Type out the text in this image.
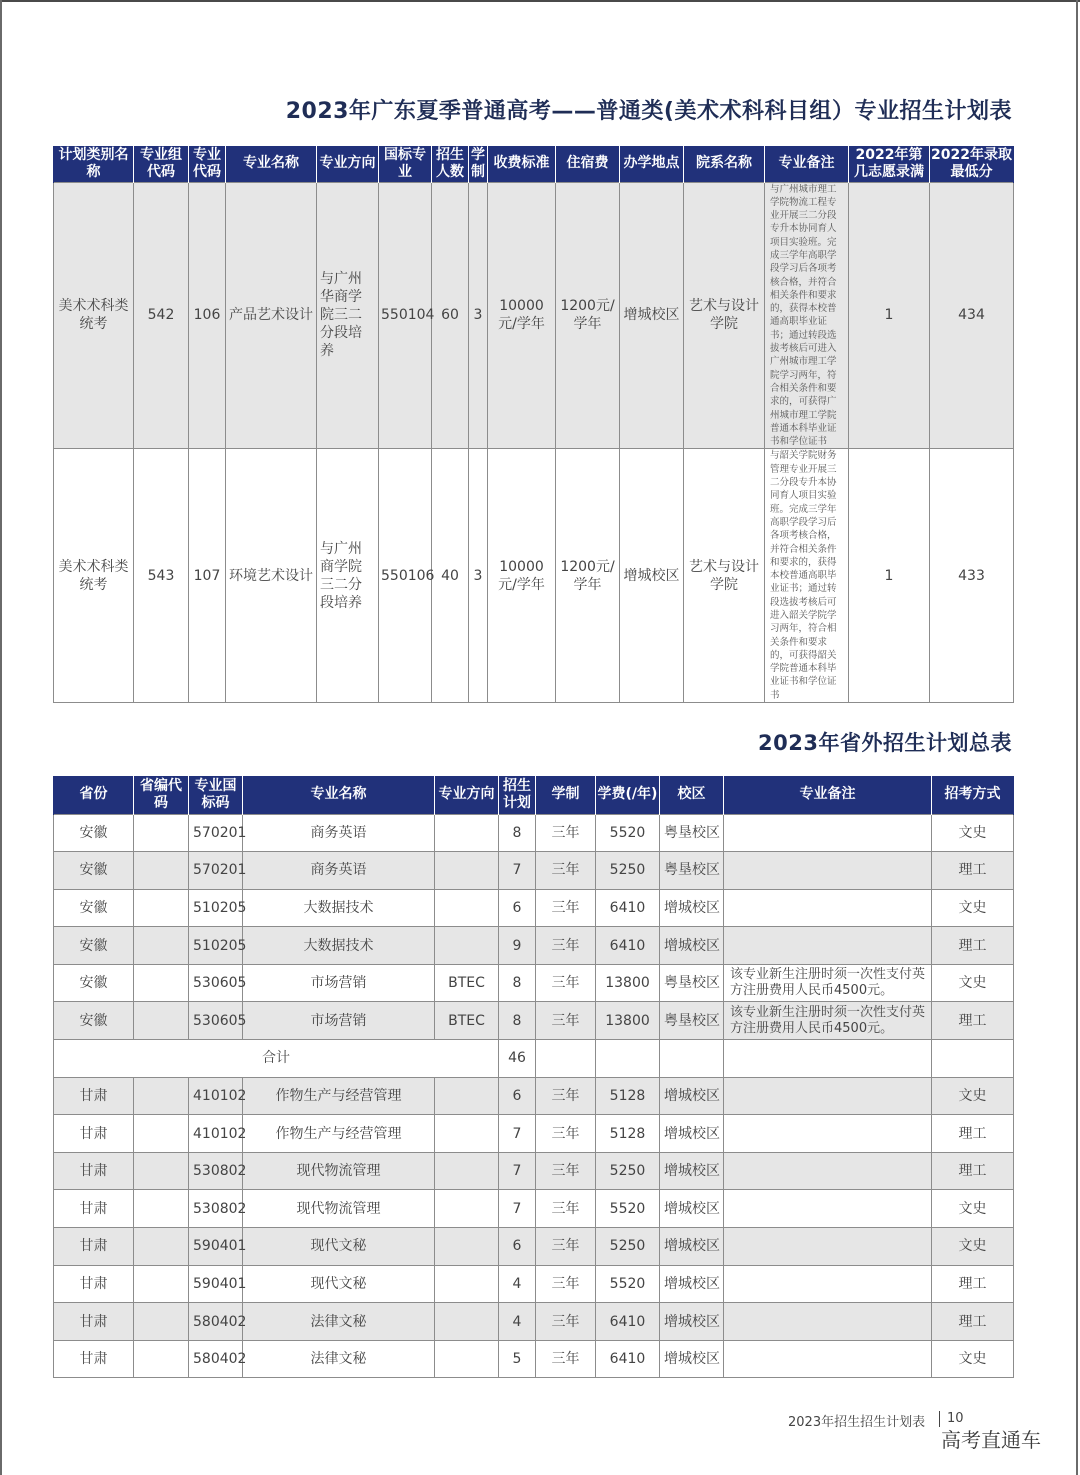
2023年广东夏季普通高考——普通类(美术术科科目组）专业招生计划表
计划类别名称	专业组代码	专业代码	专业名称	专业方向	国标专业	招生人数	学制	收费标准	住宿费	办学地点	院系名称	专业备注	2022年第几志愿录满	2022年录取最低分
美术术科类统考	542	106	产品艺术设计	与广州华商学院三二分段培养	550104	60	3	10000元/学年	1200元/学年	增城校区	艺术与设计学院	与广州城市理工学院物流工程专业开展三二分段专升本协同育人项目实验班。完成三学年高职学段学习后各项考核合格，并符合相关条件和要求的，获得本校普通高职毕业证书；通过转段选拔考核后可进入广州城市理工学院学习两年，符合相关条件和要求的，可获得广州城市理工学院普通本科毕业证书和学位证书	1	434
美术术科类统考	543	107	环境艺术设计	与广州商学院三二分段培养	550106	40	3	10000元/学年	1200元/学年	增城校区	艺术与设计学院	与韶关学院财务管理专业开展三二分段专升本协同育人项目实验班。完成三学年高职学段学习后各项考核合格，并符合相关条件和要求的，获得本校普通高职毕业证书；通过转段选拔考核后可进入韶关学院学习两年，符合相关条件和要求的，可获得韶关学院普通本科毕业证书和学位证书	1	433
2023年省外招生计划总表
省份	省编代码	专业国标码	专业名称	专业方向	招生计划	学制	学费(/年)	校区	专业备注	招考方式
安徽		570201	商务英语		8	三年	5520	粤垦校区		文史
安徽		570201	商务英语		7	三年	5250	粤垦校区		理工
安徽		510205	大数据技术		6	三年	6410	增城校区		文史
安徽		510205	大数据技术		9	三年	6410	增城校区		理工
安徽		530605	市场营销	BTEC	8	三年	13800	粤垦校区	该专业新生注册时须一次性支付英方注册费用人民币4500元。	文史
安徽		530605	市场营销	BTEC	8	三年	13800	粤垦校区	该专业新生注册时须一次性支付英方注册费用人民币4500元。	理工
合计					46					
甘肃		410102	作物生产与经营管理		6	三年	5128	增城校区		文史
甘肃		410102	作物生产与经营管理		7	三年	5128	增城校区		理工
甘肃		530802	现代物流管理		7	三年	5250	增城校区		理工
甘肃		530802	现代物流管理		7	三年	5520	增城校区		文史
甘肃		590401	现代文秘		6	三年	5250	增城校区		文史
甘肃		590401	现代文秘		4	三年	5520	增城校区		理工
甘肃		580402	法律文秘		4	三年	6410	增城校区		理工
甘肃		580402	法律文秘		5	三年	6410	增城校区		文史
2023年招生招生计划表 10
高考直通车
